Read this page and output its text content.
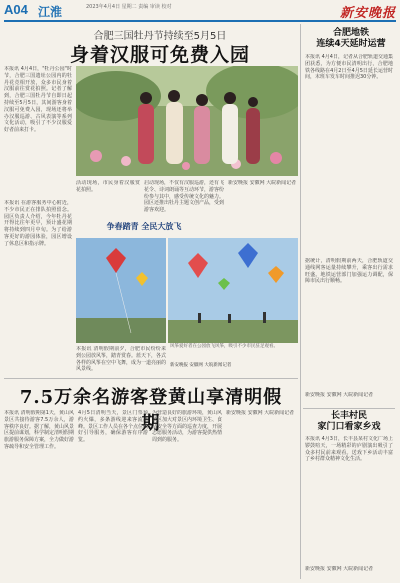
A04 江淮	2023年4月4日 星期二 责编 审读 校对	新安晚报
合肥三国牡丹节持续至5月5日
身着汉服可免费入园
本报讯 4月4日，"牡丹公园"时节，合肥三国遗址公园内的牡丹花竞相开放，众多市民身着汉服前往赏花拍照。记者了解到，合肥三国牡丹节自即日起持续至5月5日，其间游客身着汉服可免费入园，现场还将举办汉服巡游、古风表演等系列文化活动，吸引了不少汉服爱好者前来打卡。
本报讯 在游客服务中心附近，不少市民正在排队拍照留念。园区负责人介绍，今年牡丹花开得比往年更早，预计盛花期将持续到四月中旬。为了给游客更好的游园体验，园区增设了休息区和指示牌。
启动现场，不仅有汉服巡游，还有飞花令、诗词朗诵等互动环节，游客纷纷参与其中，感受传统文化的魅力。园区还推出牡丹主题文创产品，受到游客欢迎。
新安晚报 安徽网 大皖新闻记者
活动现场，市民身着汉服赏花拍照。
争春踏青 全民大放飞
风筝爱好者在公园放飞风筝，吸引不少市民驻足观看。
本报讯 清明假期前夕，合肥市民纷纷来到公园放风筝，踏青赏春。蓝天下，各式各样的风筝在空中飞舞，成为一道亮丽的风景线。
新安晚报 安徽网 大皖新闻记者
7.5万余名游客登黄山享清明假期
本报讯 清明假期第1天，黄山风景区共接待游客7.5万余人，游客秩序良好。据了解，黄山风景区提前谋划，科学制定清明假期旅游服务保障方案，全力做好游客疏导和安全管理工作。
4月5日清明当天，景区门票预约火爆，多条游线迎来客流高峰。景区工作人员在各个点位做好引导服务，确保游客有序游览。
为营造良好的旅游环境，黄山风景区加大对景区内环境卫生、食品安全等方面的巡查力度，开展志愿服务活动，为游客提供热情周到的服务。
新安晚报 安徽网 大皖新闻记者
合肥地铁
连续4天延时运营
本报讯 4月4日，记者从合肥轨道交通集团获悉，为方便市民清明出行，合肥地铁各线路在4月2日至4月5日延长运营时间，末班车发车时间推迟30分钟。
据统计，清明假期前两天，合肥轨道交通线网客运量持续攀升，乘客出行需求旺盛。地铁运营部门加强运力调配，保障市民出行顺畅。
新安晚报 安徽网 大皖新闻记者
长丰村民
家门口看家乡戏
本报讯 4月3日，长丰县某村文化广场上锣鼓喧天，一场精彩的庐剧演出吸引了众多村民前来观看。送戏下乡活动丰富了乡村群众精神文化生活。
新安晚报 安徽网 大皖新闻记者
